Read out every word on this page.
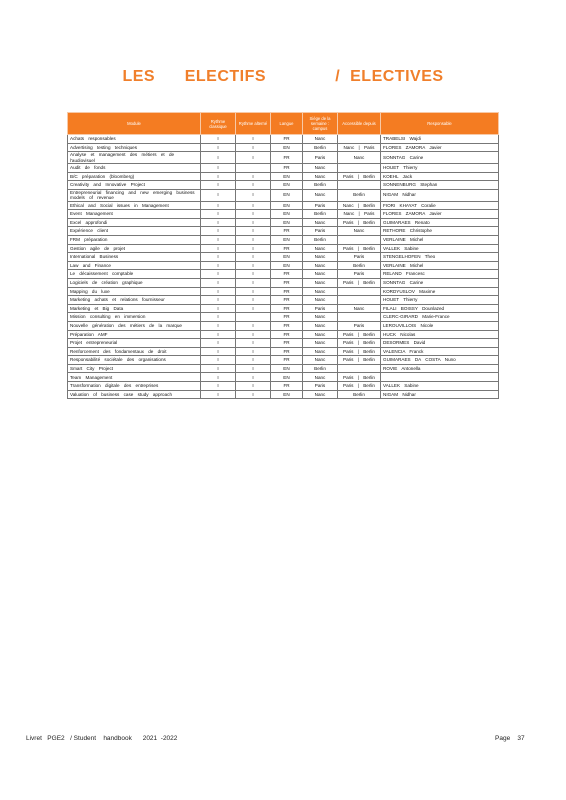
LES      ELECTIFS              /  ELECTIVES
Module	Rythme classique	Rythme alterné	Langue	Siège de la semaine : campus	Accessible depuis	Responsable
Achats responsables	I	I	FR	Nanc		TRABELSI Wajdi
Advertising testing techniques	I	I	EN	Berlin	Nanc | Paris	FLORES ZAMORA Javier
Analyse et management des métiers et de l'audiovisuel	I	I	FR	Paris	Nanc	SONNTAG Carine
Audit de fonds	I		FR	Nanc		HOUET Thierry
B/C préparation (bloomberg)	I	I	EN	Nanc	Paris | Berlin	KOEHL Jack
Creativity and Innovative Project	I	I	EN	Berlin		SONNENBURG Stephan
Entrepreneurial financing and new emerging business models of revenue	I	I	EN	Nanc	Berlin	NIGAM Nidhar
Ethical and Social issues in Management	I	I	EN	Paris	Nanc | Berlin	FIORI KHAYAT Coralie
Event Management	I	I	EN	Berlin	Nanc | Paris	FLORES ZAMORA Javier
Excel approfondi	I	I	EN	Nanc	Paris | Berlin	GUIMARAES Renato
Expérience client	I	I	FR	Paris	Nanc	RETHORE Christophe
FRM préparation	I	I	EN	Berlin		VERLAINE Michel
Gestion agile de projet	I	I	FR	Nanc	Paris | Berlin	VALLEK Sabine
International Business	I	I	EN	Nanc	Paris	STENGELHOFEN Theo
Law and Finance	I	I	EN	Nanc	Berlin	VERLAINE Michel
Le décaissement comptable	I	I	FR	Nanc	Paris	RELAND Francesc
Logiciels de création graphique	I	I	FR	Nanc	Paris | Berlin	SONNTAG Carine
Mapping du luxe	I	I	FR	Nanc		KORDYUSLOV Maxime
Marketing achats et relations fournisseur	I	I	FR	Nanc		HOUET Thierry
Marketing et Big Data	I	I	FR	Paris	Nanc	FILALI BOISSY Dounlazed
Mission consulting en immersion	I		FR	Nanc		CLERC-GIRARD Marie-France
Nouvelle génération des métiers de la marque	I	I	FR	Nanc	Paris	LEROUVILLOIS Nicole
Préparation AMF	I	I	FR	Nanc	Paris | Berlin	HUCK Nicolas
Projet entrepreneurial	I	I	FR	Nanc	Paris | Berlin	DESORMES David
Renforcement des fondamentaux de droit	I	I	FR	Nanc	Paris | Berlin	VALENCIA Franck
Responsabilité sociétale des organisations	I	I	FR	Nanc	Paris | Berlin	GUIMARAES DA COSTA Nuno
Smart City Project	I	I	EN	Berlin		ROVIE Antonella
Team Management	I	I	EN	Nanc	Paris | Berlin	
Transformation digitale des entreprises	I	I	FR	Paris	Paris | Berlin	VALLEK Sabine
Valuation of business case study approach	I	I	EN	Nanc	Berlin	NIGAM Nidhar
Livret   PGE2   / Student    handbook      2021  -2022	Page    37
